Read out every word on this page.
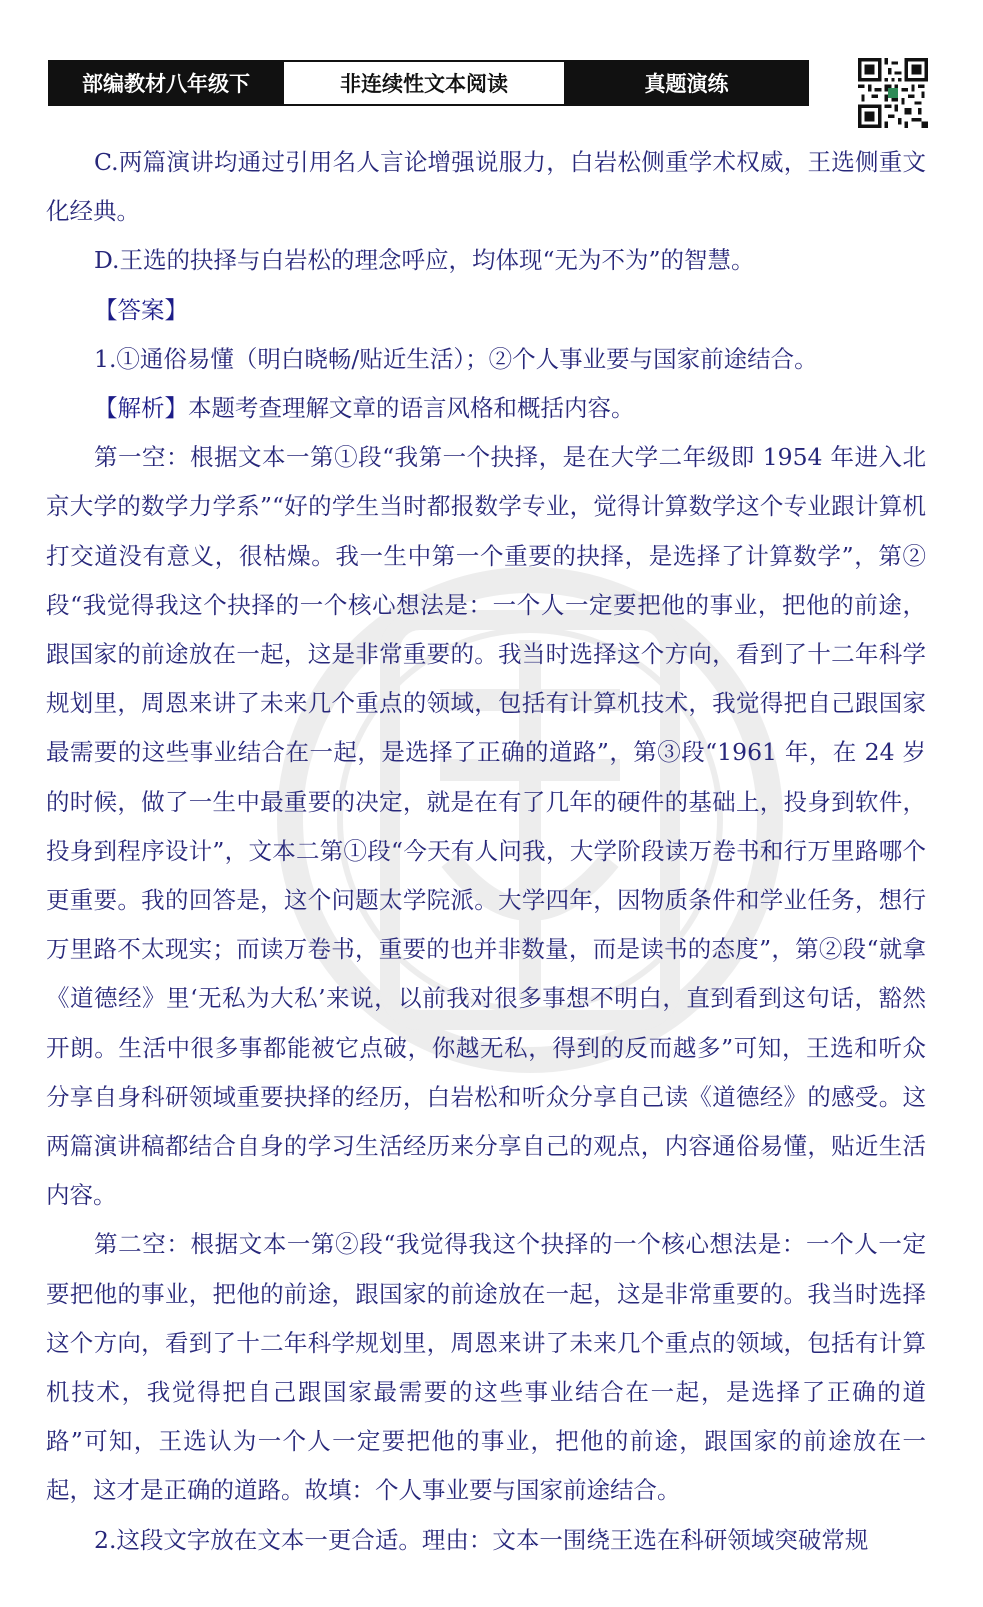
部编教材八年级下	非连续性文本阅读	真题演练

C.两篇演讲均通过引用名人言论增强说服力，白岩松侧重学术权威，王选侧重文化经典。

D.王选的抉择与白岩松的理念呼应，均体现“无为不为”的智慧。

【答案】

1.①通俗易懂（明白晓畅/贴近生活）；②个人事业要与国家前途结合。

【解析】本题考查理解文章的语言风格和概括内容。

第一空：根据文本一第①段“我第一个抉择，是在大学二年级即 1954 年进入北京大学的数学力学系”“好的学生当时都报数学专业，觉得计算数学这个专业跟计算机打交道没有意义，很枯燥。我一生中第一个重要的抉择，是选择了计算数学”，第②段“我觉得我这个抉择的一个核心想法是：一个人一定要把他的事业，把他的前途，跟国家的前途放在一起，这是非常重要的。我当时选择这个方向，看到了十二年科学规划里，周恩来讲了未来几个重点的领域，包括有计算机技术，我觉得把自己跟国家最需要的这些事业结合在一起，是选择了正确的道路”，第③段“1961 年，在 24 岁的时候，做了一生中最重要的决定，就是在有了几年的硬件的基础上，投身到软件，投身到程序设计”，文本二第①段“今天有人问我，大学阶段读万卷书和行万里路哪个更重要。我的回答是，这个问题太学院派。大学四年，因物质条件和学业任务，想行万里路不太现实；而读万卷书，重要的也并非数量，而是读书的态度”，第②段“就拿《道德经》里‘无私为大私’来说，以前我对很多事想不明白，直到看到这句话，豁然开朗。生活中很多事都能被它点破，你越无私，得到的反而越多”可知，王选和听众分享自身科研领域重要抉择的经历，白岩松和听众分享自己读《道德经》的感受。这两篇演讲稿都结合自身的学习生活经历来分享自己的观点，内容通俗易懂，贴近生活内容。

第二空：根据文本一第②段“我觉得我这个抉择的一个核心想法是：一个人一定要把他的事业，把他的前途，跟国家的前途放在一起，这是非常重要的。我当时选择这个方向，看到了十二年科学规划里，周恩来讲了未来几个重点的领域，包括有计算机技术，我觉得把自己跟国家最需要的这些事业结合在一起，是选择了正确的道路”可知，王选认为一个人一定要把他的事业，把他的前途，跟国家的前途放在一起，这才是正确的道路。故填：个人事业要与国家前途结合。

2.这段文字放在文本一更合适。理由：文本一围绕王选在科研领域突破常规
